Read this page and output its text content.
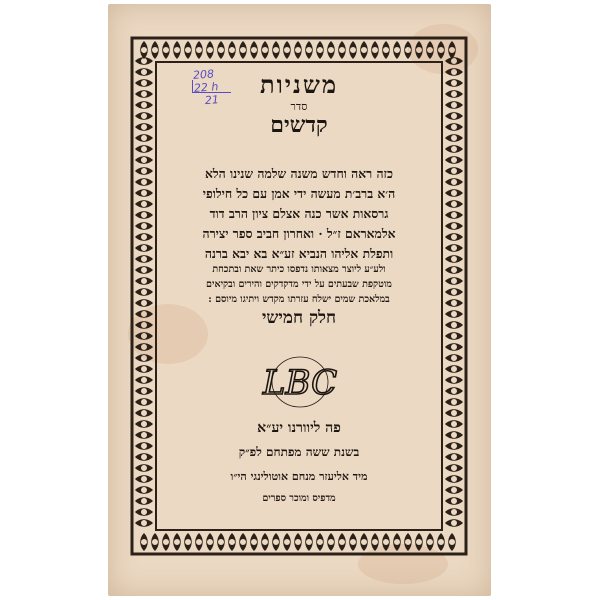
208
22 h
21
משניות
סדר
קדשים
כזה ראה וחדש משנה שלמה שנינו הלא
ה׳א ברב׳ת מעשה ידי אמן עם כל חילופי
גרסאות אשר כנה אצלם ציון הרב דוד
אלמאראם ז״ל · ואחרון חביב ספר יצירה
ותפלת אליהו הנביא זע״א בא יבא ברנה
ולע״ע ליוצר מצאותו נדפסו כיתר שאת ובתכחת
מוטקפת שבעתים על ידי מדקדקים והירים ובקיאים
במלאכת שמים ישלח עזרתו מקדש ויתיגו מיוסם :
חלק חמישי
LBC
פה ליוורנו יע״א
בשנת ששה מפתחם לפ״ק
מיד אליעזר מנחם אוטולינגי הי״ו
מדפיס ומוכר ספרים
